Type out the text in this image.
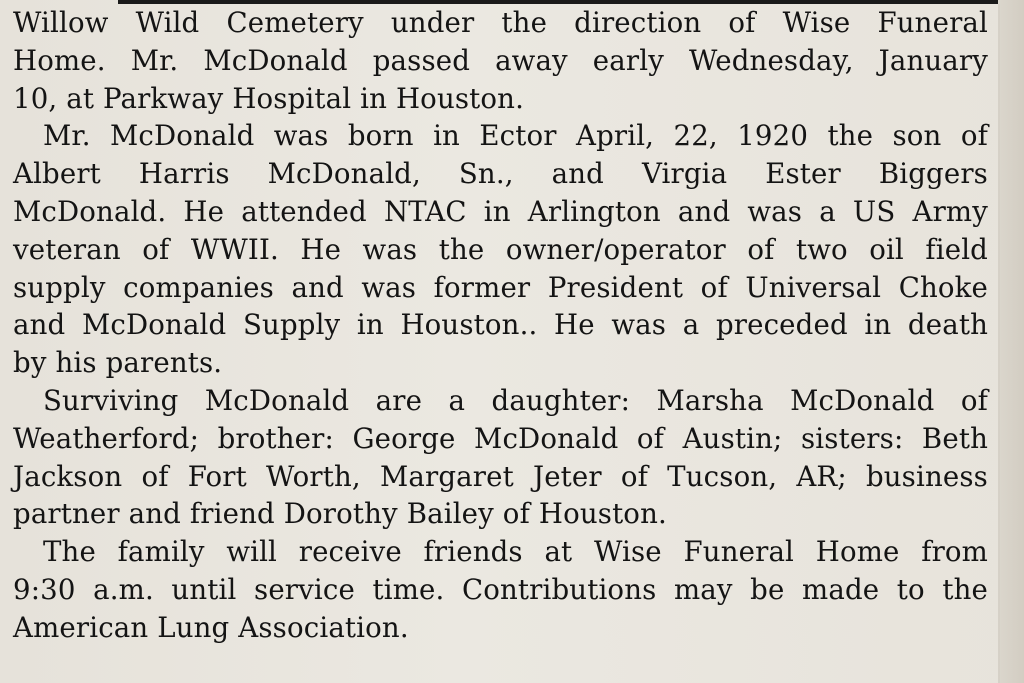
Willow Wild Cemetery under the direction of Wise Funeral
Home. Mr. McDonald passed away early Wednesday, January
10, at Parkway Hospital in Houston.

Mr. McDonald was born in Ector April, 22, 1920 the son of
Albert Harris McDonald, Sn., and Virgia Ester Biggers
McDonald. He attended NTAC in Arlington and was a US Army
veteran of WWII. He was the owner/operator of two oil field
supply companies and was former President of Universal Choke
and McDonald Supply in Houston.. He was a preceded in death
by his parents.

Surviving McDonald are a daughter: Marsha McDonald of
Weatherford; brother: George McDonald of Austin; sisters: Beth
Jackson of Fort Worth, Margaret Jeter of Tucson, AR; business
partner and friend Dorothy Bailey of Houston.

The family will receive friends at Wise Funeral Home from
9:30 a.m. until service time. Contributions may be made to the
American Lung Association.
